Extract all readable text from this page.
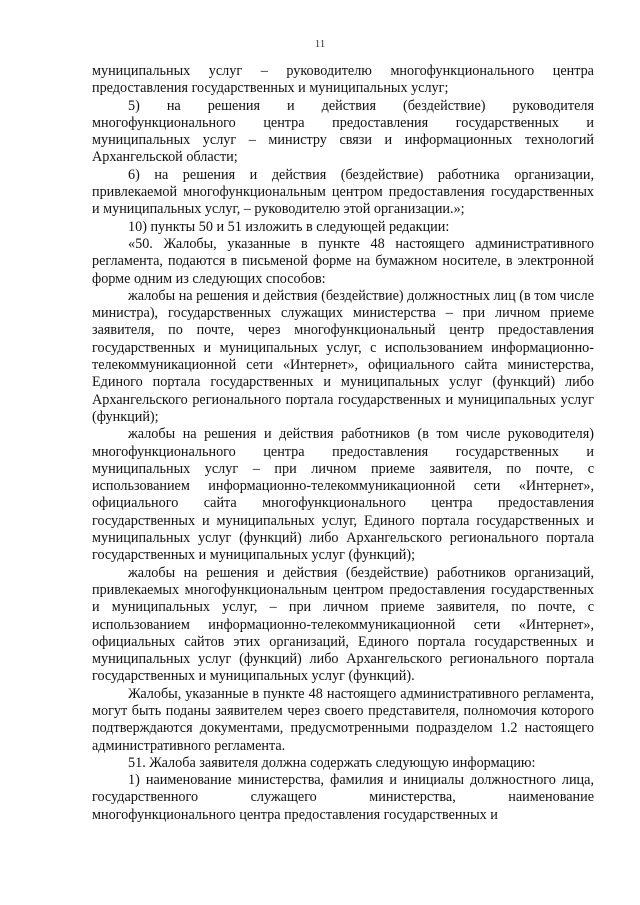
11

муниципальных услуг – руководителю многофункционального центра предоставления государственных и муниципальных услуг;

5) на решения и действия (бездействие) руководителя многофункционального центра предоставления государственных и муниципальных услуг – министру связи и информационных технологий Архангельской области;

6) на решения и действия (бездействие) работника организации, привлекаемой многофункциональным центром предоставления государственных и муниципальных услуг, – руководителю этой организации.»;

10) пункты 50 и 51 изложить в следующей редакции:

«50. Жалобы, указанные в пункте 48 настоящего административного регламента, подаются в письменой форме на бумажном носителе, в электронной форме одним из следующих способов:

жалобы на решения и действия (бездействие) должностных лиц (в том числе министра), государственных служащих министерства – при личном приеме заявителя, по почте, через многофункциональный центр предоставления государственных и муниципальных услуг, с использованием информационно-телекоммуникационной сети «Интернет», официального сайта министерства, Единого портала государственных и муниципальных услуг (функций) либо Архангельского регионального портала государственных и муниципальных услуг (функций);

жалобы на решения и действия работников (в том числе руководителя) многофункционального центра предоставления государственных и муниципальных услуг – при личном приеме заявителя, по почте, с использованием информационно-телекоммуникационной сети «Интернет», официального сайта многофункционального центра предоставления государственных и муниципальных услуг, Единого портала государственных и муниципальных услуг (функций) либо Архангельского регионального портала государственных и муниципальных услуг (функций);

жалобы на решения и действия (бездействие) работников организаций, привлекаемых многофункциональным центром предоставления государственных и муниципальных услуг, – при личном приеме заявителя, по почте, с использованием информационно-телекоммуникационной сети «Интернет», официальных сайтов этих организаций, Единого портала государственных и муниципальных услуг (функций) либо Архангельского регионального портала государственных и муниципальных услуг (функций).

Жалобы, указанные в пункте 48 настоящего административного регламента, могут быть поданы заявителем через своего представителя, полномочия которого подтверждаются документами, предусмотренными подразделом 1.2 настоящего административного регламента.

51. Жалоба заявителя должна содержать следующую информацию:

1) наименование министерства, фамилия и инициалы должностного лица, государственного служащего министерства, наименование многофункционального центра предоставления государственных и
